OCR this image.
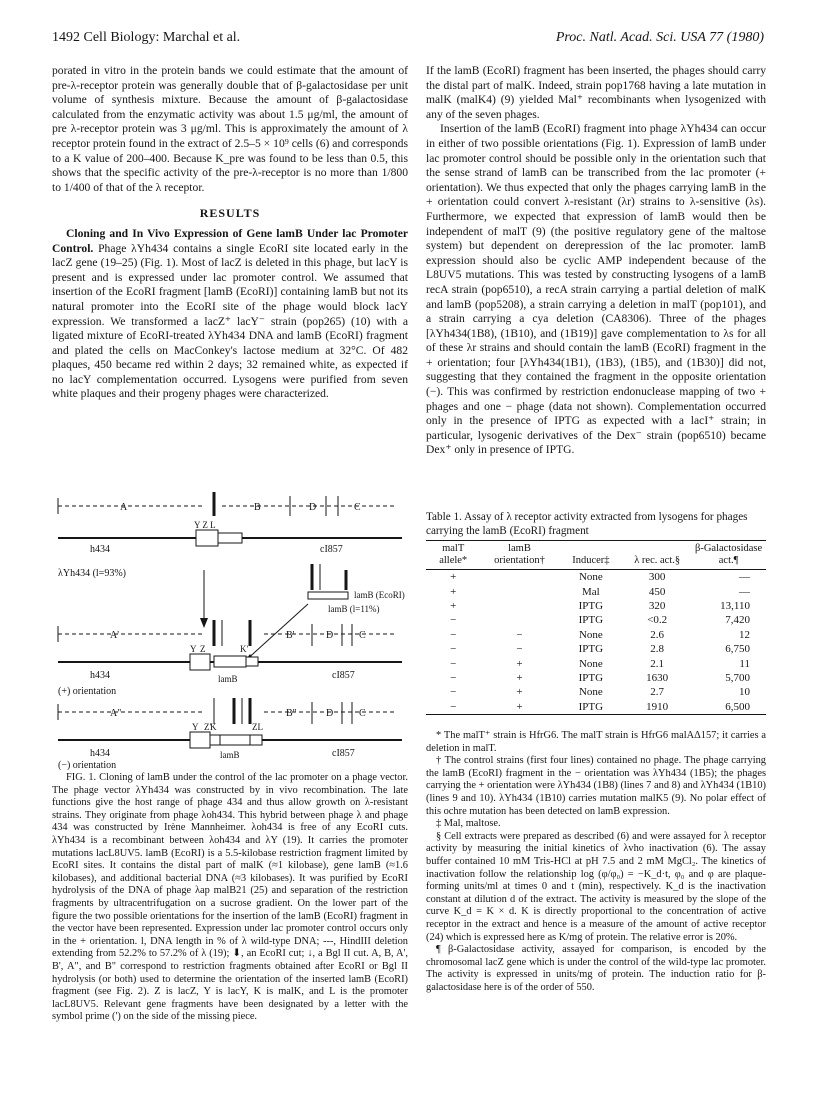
1492 Cell Biology: Marchal et al.	Proc. Natl. Acad. Sci. USA 77 (1980)

porated in vitro in the protein bands we could estimate that the amount of pre-λ-receptor protein was generally double that of β-galactosidase per unit volume of synthesis mixture. Because the amount of β-galactosidase calculated from the enzymatic activity was about 1.5 μg/ml, the amount of pre λ-receptor protein was 3 μg/ml. This is approximately the amount of λ receptor protein found in the extract of 2.5–5 × 10⁹ cells (6) and corresponds to a K value of 200–400. Because K_pre was found to be less than 0.5, this shows that the specific activity of the pre-λ-receptor is no more than 1/800 to 1/400 of that of the λ receptor.

RESULTS

Cloning and In Vivo Expression of Gene lamB Under lac Promoter Control. Phage λYh434 contains a single EcoRI site located early in the lacZ gene (19–25) (Fig. 1). Most of lacZ is deleted in this phage, but lacY is present and is expressed under lac promoter control. We assumed that insertion of the EcoRI fragment [lamB (EcoRI)] containing lamB but not its natural promoter into the EcoRI site of the phage would block lacY expression. We transformed a lacZ⁺ lacY⁻ strain (pop265) (10) with a ligated mixture of EcoRI-treated λYh434 DNA and lamB (EcoRI) fragment and plated the cells on MacConkey's lactose medium at 32°C. Of 482 plaques, 450 became red within 2 days; 32 remained white, as expected if no lacY complementation occurred. Lysogens were purified from seven white plaques and their progeny phages were characterized.

A	B	D	C
Y Z L
h434	cI857
λYh434 (l=93%)
lamB (EcoRI)
lamB (l=11%)
A'	B'	D	C
Y Z	K'
lamB
h434	cI857
(+) orientation
A"	B"	D	C
Y Z'
K	ZL
lamB
h434	cI857
(−) orientation

FIG. 1. Cloning of lamB under the control of the lac promoter on a phage vector. The phage vector λYh434 was constructed by in vivo recombination. The late functions give the host range of phage 434 and thus allow growth on λ-resistant strains. They originate from phage λoh434. This hybrid between phage λ and phage 434 was constructed by Irène Mannheimer. λoh434 is free of any EcoRI cuts. λYh434 is a recombinant between λoh434 and λY (19). It carries the promoter mutations lacL8UV5. lamB (EcoRI) is a 5.5-kilobase restriction fragment limited by EcoRI sites. It contains the distal part of malK (≈1 kilobase), gene lamB (≈1.6 kilobases), and additional bacterial DNA (≈3 kilobases). It was purified by EcoRI hydrolysis of the DNA of phage λap malB21 (25) and separation of the restriction fragments by ultracentrifugation on a sucrose gradient. On the lower part of the figure the two possible orientations for the insertion of the lamB (EcoRI) fragment in the vector have been represented. Expression under lac promoter control occurs only in the + orientation. l, DNA length in % of λ wild-type DNA; ---, HindIII deletion extending from 52.2% to 57.2% of λ (19); ⬇, an EcoRI cut; ↓, a Bgl II cut. A, B, A', B', A", and B" correspond to restriction fragments obtained after EcoRI or Bgl II hydrolysis (or both) used to determine the orientation of the inserted lamB (EcoRI) fragment (see Fig. 2). Z is lacZ, Y is lacY, K is malK, and L is the promoter lacL8UV5. Relevant gene fragments have been designated by a letter with the symbol prime (') on the side of the missing piece.

If the lamB (EcoRI) fragment has been inserted, the phages should carry the distal part of malK. Indeed, strain pop1768 having a late mutation in malK (malK4) (9) yielded Mal⁺ recombinants when lysogenized with any of the seven phages.

Insertion of the lamB (EcoRI) fragment into phage λYh434 can occur in either of two possible orientations (Fig. 1). Expression of lamB under lac promoter control should be possible only in the orientation such that the sense strand of lamB can be transcribed from the lac promoter (+ orientation). We thus expected that only the phages carrying lamB in the + orientation could convert λ-resistant (λr) strains to λ-sensitive (λs). Furthermore, we expected that expression of lamB would then be independent of malT (9) (the positive regulatory gene of the maltose system) but dependent on derepression of the lac promoter. lamB expression should also be cyclic AMP independent because of the L8UV5 mutations. This was tested by constructing lysogens of a lamB recA strain (pop6510), a recA strain carrying a partial deletion of malK and lamB (pop5208), a strain carrying a deletion in malT (pop101), and a strain carrying a cya deletion (CA8306). Three of the phages [λYh434(1B8), (1B10), and (1B19)] gave complementation to λs for all of these λr strains and should contain the lamB (EcoRI) fragment in the + orientation; four [λYh434(1B1), (1B3), (1B5), and (1B30)] did not, suggesting that they contained the fragment in the opposite orientation (−). This was confirmed by restriction endonuclease mapping of two + phages and one − phage (data not shown). Complementation occurred only in the presence of IPTG as expected with a lacI⁺ strain; in particular, lysogenic derivatives of the Dex⁻ strain (pop6510) became Dex⁺ only in presence of IPTG.

Table 1. Assay of λ receptor activity extracted from lysogens for phages carrying the lamB (EcoRI) fragment
malT allele*	lamB orientation†	Inducer‡	λ rec. act.§	β-Galactosidase act.¶
+		None	300	—
+		Mal	450	—
+		IPTG	320	13,110
−		IPTG	<0.2	7,420
−	−	None	2.6	12
−	−	IPTG	2.8	6,750
−	+	None	2.1	11
−	+	IPTG	1630	5,700
−	+	None	2.7	10
−	+	IPTG	1910	6,500

* The malT⁺ strain is HfrG6. The malT strain is HfrG6 malAΔ157; it carries a deletion in malT.

† The control strains (first four lines) contained no phage. The phage carrying the lamB (EcoRI) fragment in the − orientation was λYh434 (1B5); the phages carrying the + orientation were λYh434 (1B8) (lines 7 and 8) and λYh434 (1B10) (lines 9 and 10). λYh434 (1B10) carries mutation malK5 (9). No polar effect of this ochre mutation has been detected on lamB expression.

‡ Mal, maltose.

§ Cell extracts were prepared as described (6) and were assayed for λ receptor activity by measuring the initial kinetics of λvho inactivation (6). The assay buffer contained 10 mM Tris-HCl at pH 7.5 and 2 mM MgCl₂. The kinetics of inactivation follow the relationship log (φ/φ₀) = −K_d·t, φ₀ and φ are plaque-forming units/ml at times 0 and t (min), respectively. K_d is the inactivation constant at dilution d of the extract. The activity is measured by the slope of the curve K_d = K × d. K is directly proportional to the concentration of active receptor in the extract and hence is a measure of the amount of active receptor (24) which is expressed here as K/mg of protein. The relative error is 20%.

¶ β-Galactosidase activity, assayed for comparison, is encoded by the chromosomal lacZ gene which is under the control of the wild-type lac promoter. The activity is expressed in units/mg of protein. The induction ratio for β-galactosidase here is of the order of 550.
